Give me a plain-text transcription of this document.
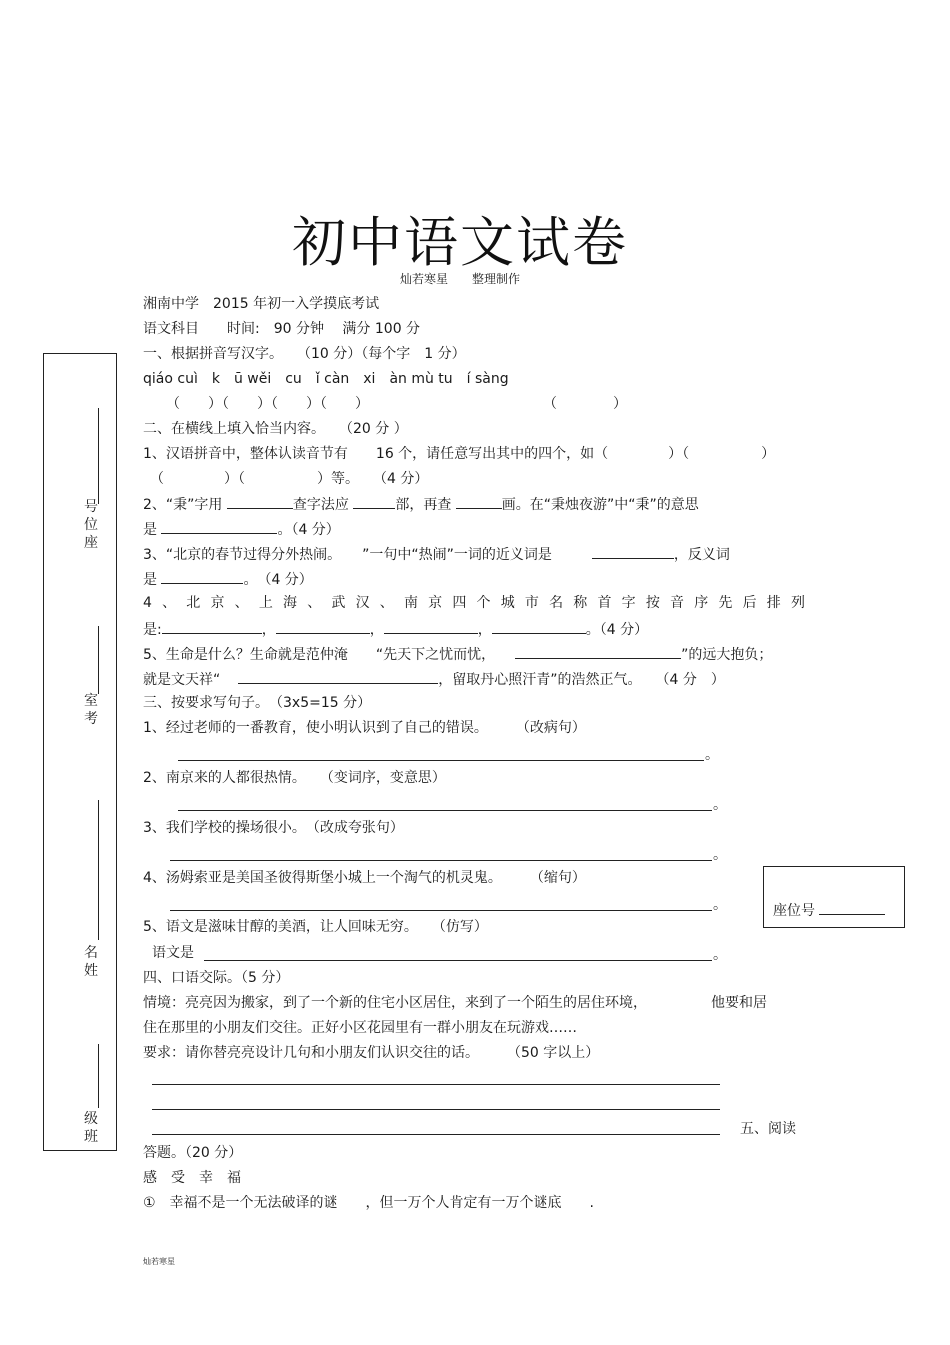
初中语文试卷
灿若寒星　　整理制作
号
位
座
室
考
名
姓
级
班
座位号
湘南中学　2015 年初一入学摸底考试
语文科目　　时间:　90 分钟　 满分 100 分
一、根据拼音写汉字。　　（10 分）（每个字　1 分）
qiáo cuì　k　ū wěi　cu　ǐ càn　xi　àn mù tu　í sàng
（　　）（　　）（　　）（　　）	（　　　　）
二、在横线上填入恰当内容。　　（20 分 ）
1、汉语拼音中，整体认读音节有　　16 个，请任意写出其中的四个，如（	）（	）
（	）（	）等。　　（4 分）
2、“秉”字用	查字法应	部，再查	画。在“秉烛夜游”中“秉”的意思
是	。（4 分）
3、“北京的春节过得分外热闹。　　”一句中“热闹”一词的近义词是	，反义词
是	。　（4 分）
4 、 北 京 、 上 海 、 武 汉 、 南 京 四 个 城 市 名 称 首 字 按 音 序 先 后 排 列
是:	，	，	，	。（4 分）
5、生命是什么？生命就是范仲淹　　“先天下之忧而忧，	”的远大抱负；
就是文天祥“	，留取丹心照汗青”的浩然正气。　　（4 分　）
三、按要求写句子。　（3x5=15 分）
1、经过老师的一番教育，使小明认识到了自己的错误。　　　（改病句）
。
2、南京来的人都很热情。　　（变词序，变意思）
。
3、我们学校的操场很小。　（改成夸张句）
。
4、汤姆索亚是美国圣彼得斯堡小城上一个淘气的机灵鬼。　　　（缩句）
。
5、语文是滋味甘醇的美酒，让人回味无穷。　　（仿写）
语文是	。
四、口语交际。（5 分）
情境：亮亮因为搬家，到了一个新的住宅小区居住，来到了一个陌生的居住环境，	他要和居
住在那里的小朋友们交往。正好小区花园里有一群小朋友在玩游戏……
要求：请你替亮亮设计几句和小朋友们认识交往的话。　　　（50 字以上）
五、阅读
答题。（20 分）
感　受　幸　福
①　幸福不是一个无法破译的谜　　，但一万个人肯定有一万个谜底　　.
灿若寒星
